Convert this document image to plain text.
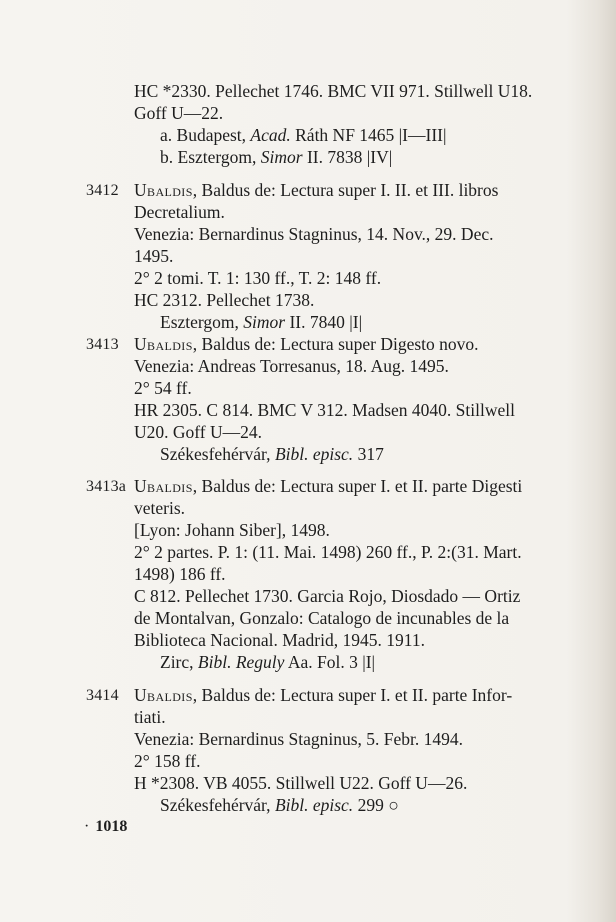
HC *2330. Pellechet 1746. BMC VII 971. Stillwell U18.
Goff U—22.
a. Budapest, Acad. Ráth NF 1465 |I—III|
b. Esztergom, Simor II. 7838 |IV|
3412 Ubaldis, Baldus de: Lectura super I. II. et III. libros
Decretalium.
Venezia: Bernardinus Stagninus, 14. Nov., 29. Dec.
1495.
2° 2 tomi. T. 1: 130 ff., T. 2: 148 ff.
HC 2312. Pellechet 1738.
Esztergom, Simor II. 7840 |I|
3413 Ubaldis, Baldus de: Lectura super Digesto novo.
Venezia: Andreas Torresanus, 18. Aug. 1495.
2° 54 ff.
HR 2305. C 814. BMC V 312. Madsen 4040. Stillwell
U20. Goff U—24.
Székesfehérvár, Bibl. episc. 317
3413a Ubaldis, Baldus de: Lectura super I. et II. parte Digesti
veteris.
[Lyon: Johann Siber], 1498.
2° 2 partes. P. 1: (11. Mai. 1498) 260 ff., P. 2:(31. Mart.
1498) 186 ff.
C 812. Pellechet 1730. Garcia Rojo, Diosdado — Ortiz
de Montalvan, Gonzalo: Catalogo de incunables de la
Biblioteca Nacional. Madrid, 1945. 1911.
Zirc, Bibl. Reguly Aa. Fol. 3 |I|
3414 Ubaldis, Baldus de: Lectura super I. et II. parte Infor-
tiati.
Venezia: Bernardinus Stagninus, 5. Febr. 1494.
2° 158 ff.
H *2308. VB 4055. Stillwell U22. Goff U—26.
Székesfehérvár, Bibl. episc. 299 ○
· 1018
